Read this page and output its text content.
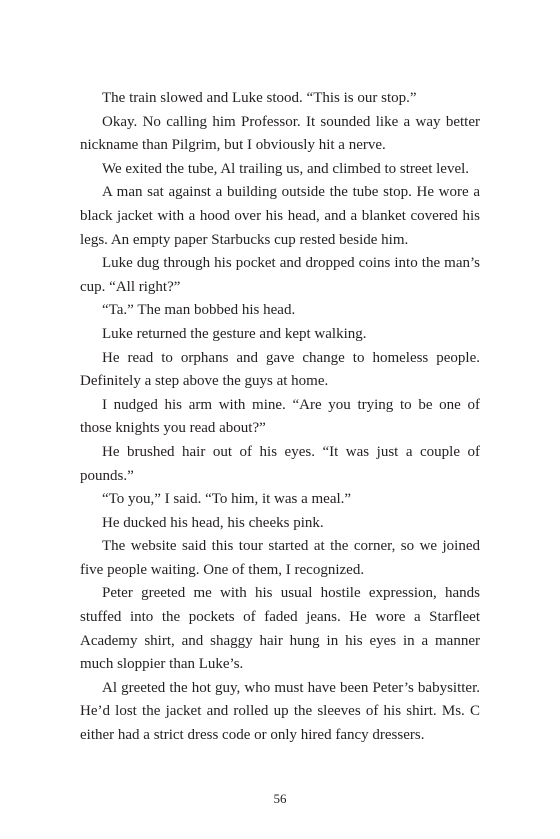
The train slowed and Luke stood. “This is our stop.”

Okay. No calling him Professor. It sounded like a way better nickname than Pilgrim, but I obviously hit a nerve.

We exited the tube, Al trailing us, and climbed to street level.

A man sat against a building outside the tube stop. He wore a black jacket with a hood over his head, and a blanket covered his legs. An empty paper Starbucks cup rested beside him.

Luke dug through his pocket and dropped coins into the man’s cup. “All right?”

“Ta.” The man bobbed his head.

Luke returned the gesture and kept walking.

He read to orphans and gave change to homeless people. Definitely a step above the guys at home.

I nudged his arm with mine. “Are you trying to be one of those knights you read about?”

He brushed hair out of his eyes. “It was just a couple of pounds.”

“To you,” I said. “To him, it was a meal.”

He ducked his head, his cheeks pink.

The website said this tour started at the corner, so we joined five people waiting. One of them, I recognized.

Peter greeted me with his usual hostile expression, hands stuffed into the pockets of faded jeans. He wore a Starfleet Academy shirt, and shaggy hair hung in his eyes in a manner much sloppier than Luke’s.

Al greeted the hot guy, who must have been Peter’s babysitter. He’d lost the jacket and rolled up the sleeves of his shirt. Ms. C either had a strict dress code or only hired fancy dressers.

56
